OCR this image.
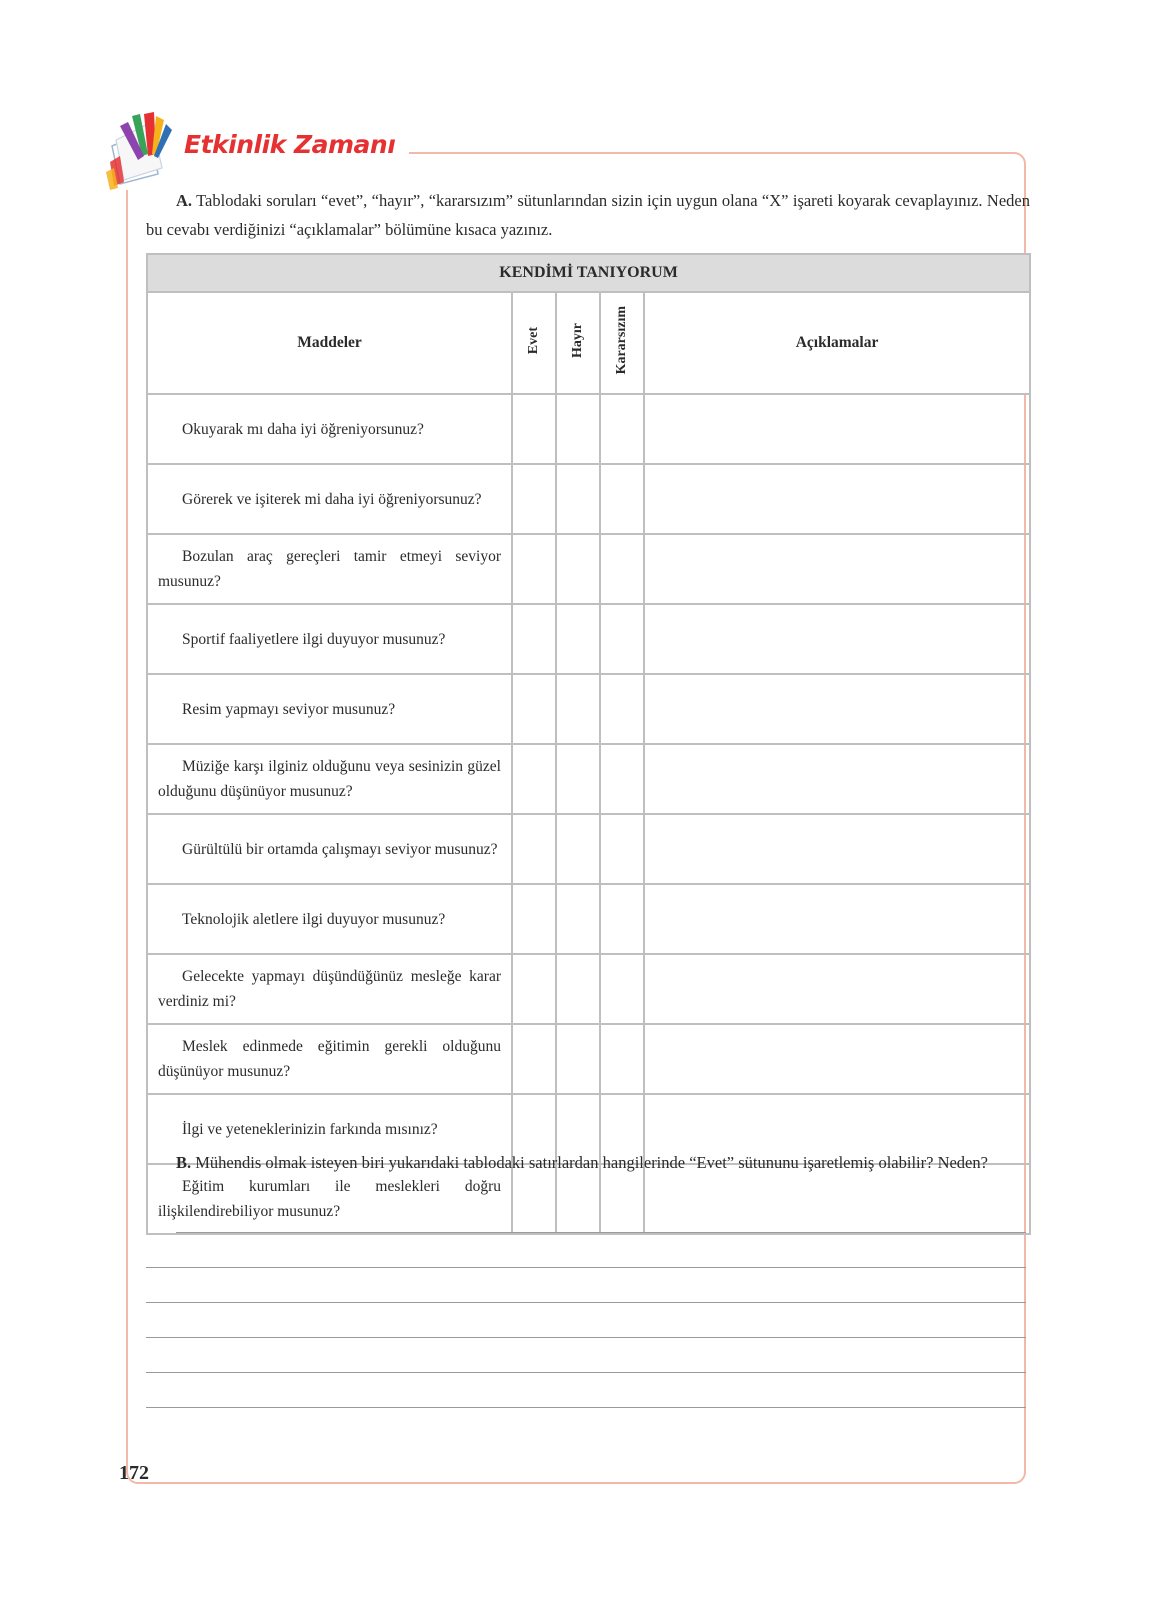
Etkinlik Zamanı
A. Tablodaki soruları “evet”, “hayır”, “kararsızım” sütunlarından sizin için uygun olana “X” işareti koyarak cevaplayınız. Neden bu cevabı verdiğinizi “açıklamalar” bölümüne kısaca yazınız.
KENDİMİ TANIYORUM				
Maddeler	Evet	Hayır	Kararsızım	Açıklamalar
Okuyarak mı daha iyi öğreniyorsunuz?				
Görerek ve işiterek mi daha iyi öğreniyorsunuz?				
Bozulan araç gereçleri tamir etmeyi seviyor musunuz?				
Sportif faaliyetlere ilgi duyuyor musunuz?				
Resim yapmayı seviyor musunuz?				
Müziğe karşı ilginiz olduğunu veya sesinizin güzel olduğunu düşünüyor musunuz?				
Gürültülü bir ortamda çalışmayı seviyor musunuz?				
Teknolojik aletlere ilgi duyuyor musunuz?				
Gelecekte yapmayı düşündüğünüz mesleğe karar verdiniz mi?				
Meslek edinmede eğitimin gerekli olduğunu düşünüyor musunuz?				
İlgi ve yeteneklerinizin farkında mısınız?				
Eğitim kurumları ile meslekleri doğru ilişkilendirebiliyor musunuz?				
B. Mühendis olmak isteyen biri yukarıdaki tablodaki satırlardan hangilerinde “Evet” sütununu işaretlemiş olabilir? Neden?
172
